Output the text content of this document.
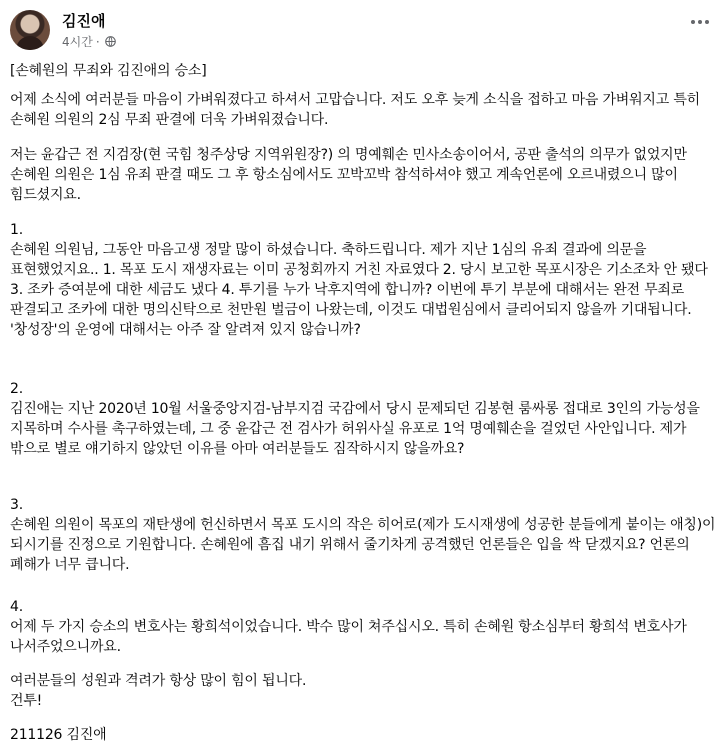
김진애
4시간 ·

[손혜원의 무죄와 김진애의 승소]

어제 소식에 여러분들 마음이 가벼워졌다고 하셔서 고맙습니다. 저도 오후 늦게 소식을 접하고 마음 가벼워지고 특히 손혜원 의원의 2심 무죄 판결에 더욱 가벼워졌습니다.

저는 윤갑근 전 지검장(현 국힘 청주상당 지역위원장?) 의 명예훼손 민사소송이어서, 공판 출석의 의무가 없었지만 손혜원 의원은 1심 유죄 판결 때도 그 후 항소심에서도 꼬박꼬박 참석하셔야 했고 계속언론에 오르내렸으니 많이 힘드셨지요.

1.
손혜원 의원님, 그동안 마음고생 정말 많이 하셨습니다. 축하드립니다. 제가 지난 1심의 유죄 결과에 의문을 표현했었지요.. 1. 목포 도시 재생자료는 이미 공청회까지 거친 자료였다 2. 당시 보고한 목포시장은 기소조차 안 됐다 3. 조카 증여분에 대한 세금도 냈다 4. 투기를 누가 낙후지역에 합니까? 이번에 투기 부분에 대해서는 완전 무죄로 판결되고 조카에 대한 명의신탁으로 천만원 벌금이 나왔는데, 이것도 대법원심에서 클리어되지 않을까 기대됩니다. '창성장'의 운영에 대해서는 아주 잘 알려져 있지 않습니까?

2.
김진애는 지난 2020년 10월 서울중앙지검-남부지검 국감에서 당시 문제되던 김봉현 룸싸롱 접대로 3인의 가능성을 지목하며 수사를 촉구하였는데, 그 중 윤갑근 전 검사가 허위사실 유포로 1억 명예훼손을 걸었던 사안입니다. 제가 밖으로 별로 얘기하지 않았던 이유를 아마 여러분들도 짐작하시지 않을까요?

3.
손혜원 의원이 목포의 재탄생에 헌신하면서 목포 도시의 작은 히어로(제가 도시재생에 성공한 분들에게 붙이는 애칭)이 되시기를 진정으로 기원합니다. 손혜원에 흠집 내기 위해서 줄기차게 공격했던 언론들은 입을 싹 닫겠지요? 언론의 폐해가 너무 큽니다.

4.
어제 두 가지 승소의 변호사는 황희석이었습니다. 박수 많이 쳐주십시오. 특히 손혜원 항소심부터 황희석 변호사가 나서주었으니까요.

여러분들의 성원과 격려가 항상 많이 힘이 됩니다.
건투!

211126 김진애
